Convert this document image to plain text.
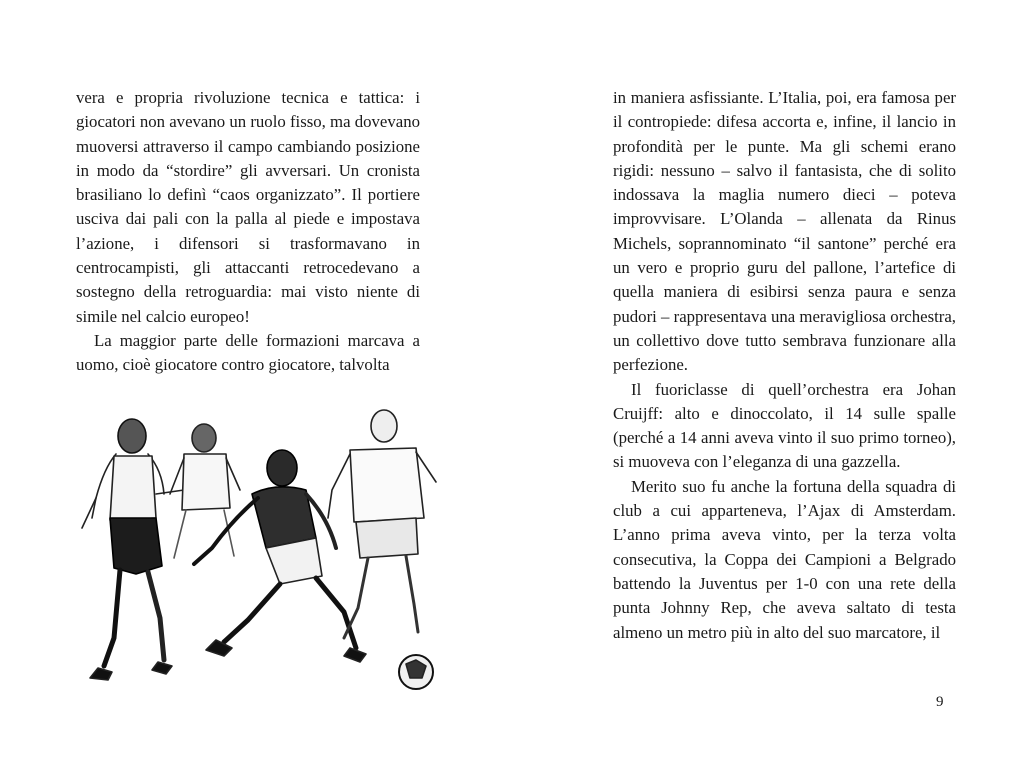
vera e propria rivoluzione tecnica e tattica: i giocatori non avevano un ruolo fisso, ma dovevano muoversi attraverso il campo cambiando posizione in modo da “stordire” gli avversari. Un cronista brasiliano lo definì “caos organizzato”. Il portiere usciva dai pali con la palla al piede e impostava l’azione, i difensori si trasformavano in centrocampisti, gli attaccanti retrocedevano a sostegno della retroguardia: mai visto niente di simile nel calcio europeo!

La maggior parte delle formazioni marcava a uomo, cioè giocatore contro giocatore, talvolta

in maniera asfissiante. L’Italia, poi, era famosa per il contropiede: difesa accorta e, infine, il lancio in profondità per le punte. Ma gli schemi erano rigidi: nessuno – salvo il fantasista, che di solito indossava la maglia numero dieci – poteva improvvisare. L’Olanda – allenata da Rinus Michels, soprannominato “il santone” perché era un vero e proprio guru del pallone, l’artefice di quella maniera di esibirsi senza paura e senza pudori – rappresentava una meravigliosa orchestra, un collettivo dove tutto sembrava funzionare alla perfezione.

Il fuoriclasse di quell’orchestra era Johan Cruijff: alto e dinoccolato, il 14 sulle spalle (perché a 14 anni aveva vinto il suo primo torneo), si muoveva con l’eleganza di una gazzella.

Merito suo fu anche la fortuna della squadra di club a cui apparteneva, l’Ajax di Amsterdam. L’anno prima aveva vinto, per la terza volta consecutiva, la Coppa dei Campioni a Belgrado battendo la Juventus per 1-0 con una rete della punta Johnny Rep, che aveva saltato di testa almeno un metro più in alto del suo marcatore, il

9
